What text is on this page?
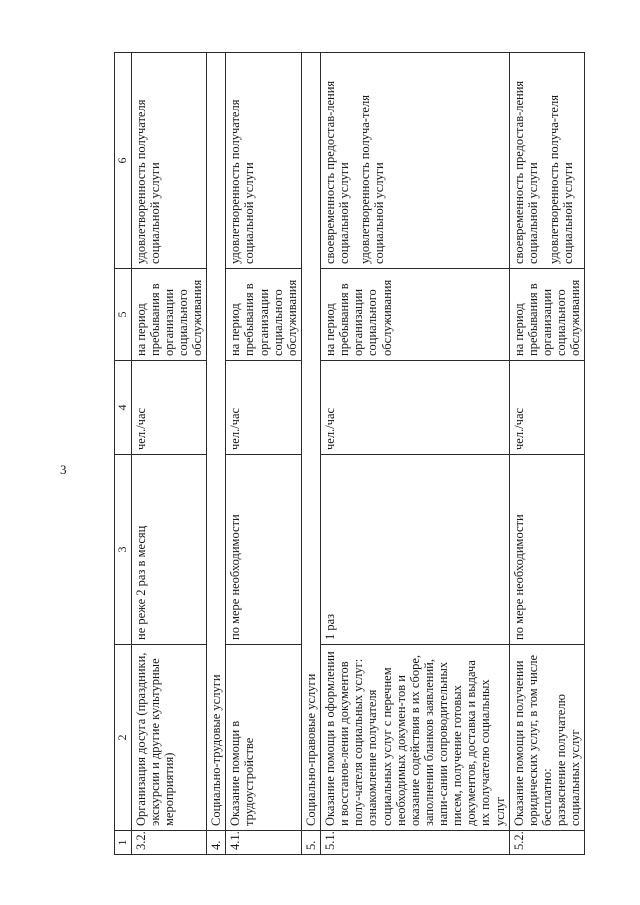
3
1	2	3	4	5	6
3.2.	Организация досуга (праздники, экскурсии и другие культурные мероприятия)	не реже 2 раз в месяц	чел./час	на период пребывания в организации социального обслуживания	удовлетворенность получателя социальной услуги

4.	Социально-трудовые услуги				
4.1.	Оказание помощи в трудоустройстве	по мере необходимости	чел./час	на период пребывания в организации социального обслуживания	удовлетворенность получателя социальной услуги

5.	Социально-правовые услуги				
5.1.	Оказание помощи в оформлении и восстанов-лении документов полу-чателя социальных услуг: ознакомление получателя социальных услуг с перечнем необходимых докумен-тов и оказание содействия в их сборе, заполнении бланков заявлений, напи-сании сопроводительных писем, получение готовых документов, доставка и выдача их получателю социальных услуг	1 раз	чел./час	на период пребывания в организации социального обслуживания	своевременность предостав-ления социальной услуги удовлетворенность получа-теля социальной услуги

5.2.	Оказание помощи в получении юридических услуг, в том числе бесплатно: разъяснение получателю социальных услуг	по мере необходимости	чел./час	на период пребывания в организации социального обслуживания	своевременность предостав-ления социальной услуги удовлетворенность получа-теля социальной услуги
